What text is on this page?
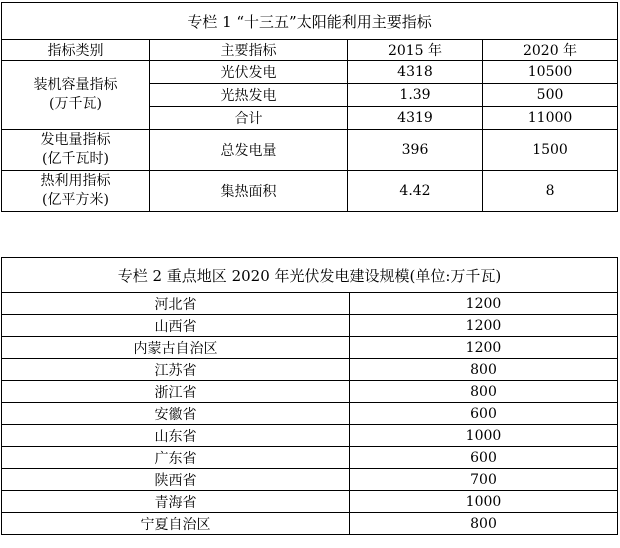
专栏 1 “十三五”太阳能利用主要指标			
指标类别	主要指标	2015 年	2020 年

装机容量指标
(万千瓦)	光伏发电	4318	10500
	光热发电	1.39	500
	合计	4319	11000

发电量指标
(亿千瓦时)	总发电量	396	1500

热利用指标
(亿平方米)	集热面积	4.42	8
专栏 2 重点地区 2020 年光伏发电建设规模(单位:万千瓦)	
河北省	1200
山西省	1200
内蒙古自治区	1200
江苏省	800
浙江省	800
安徽省	600
山东省	1000
广东省	600
陕西省	700
青海省	1000
宁夏自治区	800
